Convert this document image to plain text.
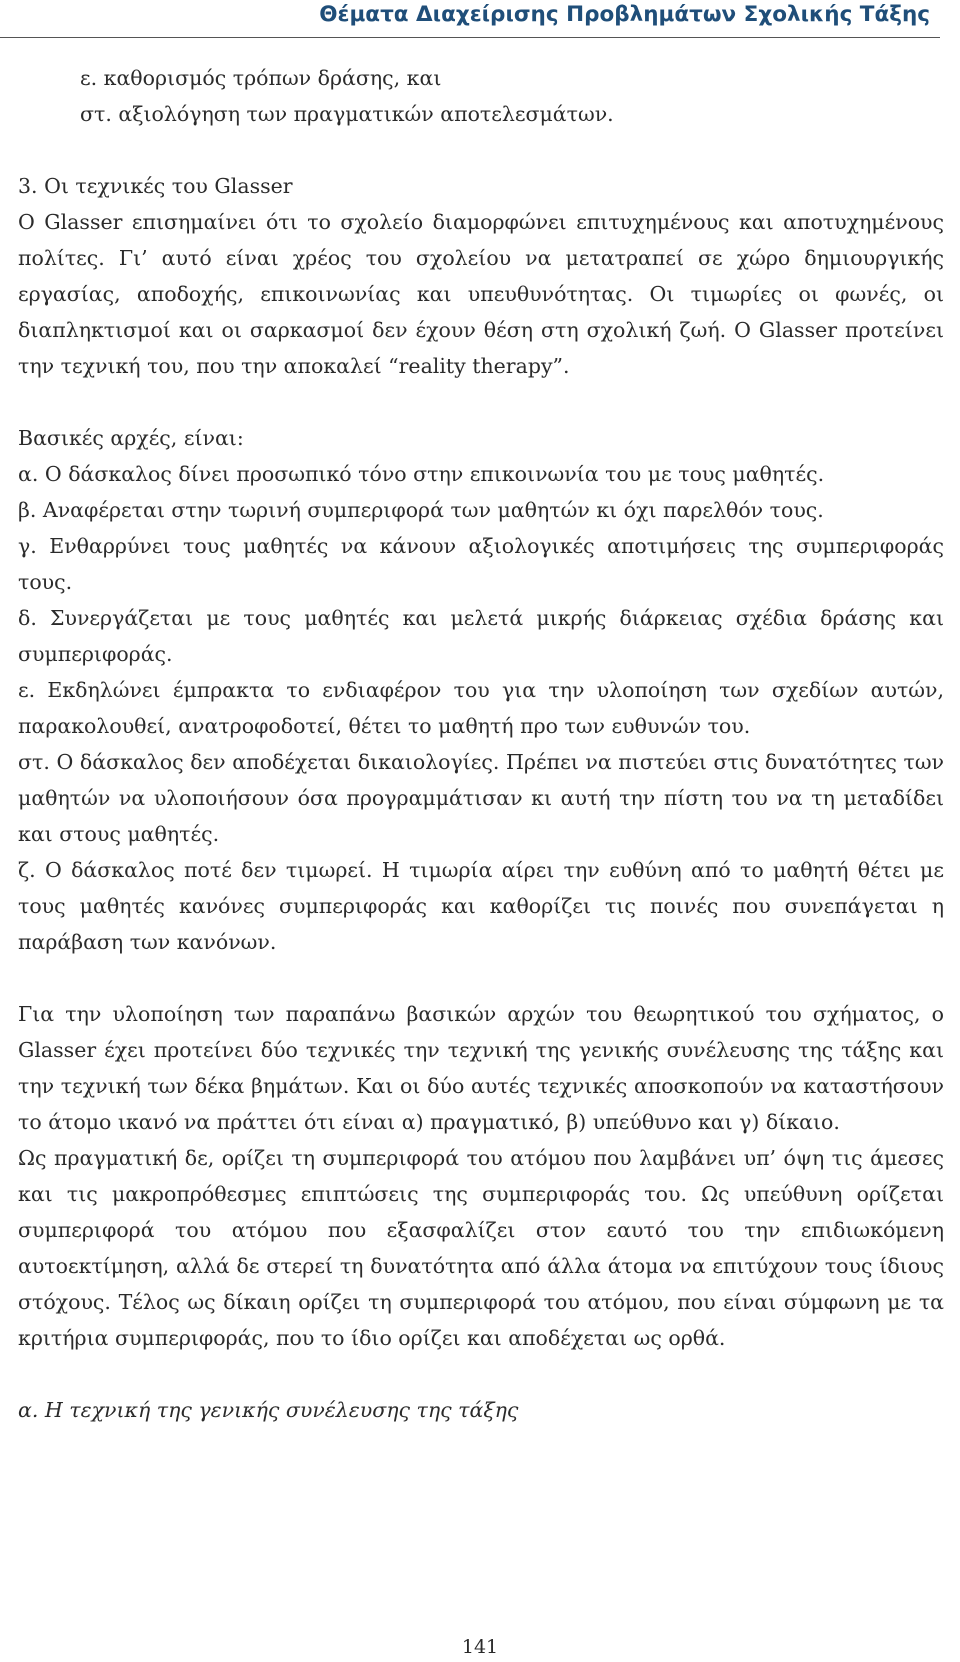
Θέματα Διαχείρισης Προβλημάτων Σχολικής Τάξης

ε. καθορισμός τρόπων δράσης, και

στ. αξιολόγηση των πραγματικών αποτελεσμάτων.

3. Οι τεχνικές του Glasser

Ο Glasser επισημαίνει ότι το σχολείο διαμορφώνει επιτυχημένους και αποτυχημένους πολίτες. Γι’ αυτό είναι χρέος του σχολείου να μετατραπεί σε χώρο δημιουργικής εργασίας, αποδοχής, επικοινωνίας και υπευθυνότητας. Οι τιμωρίες οι φωνές, οι διαπληκτισμοί και οι σαρκασμοί δεν έχουν θέση στη σχολική ζωή. Ο Glasser προτείνει την τεχνική του, που την αποκαλεί “reality therapy”.

Βασικές αρχές, είναι:

α. Ο δάσκαλος δίνει προσωπικό τόνο στην επικοινωνία του με τους μαθητές.

β. Αναφέρεται στην τωρινή συμπεριφορά των μαθητών κι όχι παρελθόν τους.

γ. Ενθαρρύνει τους μαθητές να κάνουν αξιολογικές αποτιμήσεις της συμπεριφοράς τους.

δ. Συνεργάζεται με τους μαθητές και μελετά μικρής διάρκειας σχέδια δράσης και συμπεριφοράς.

ε. Εκδηλώνει έμπρακτα το ενδιαφέρον του για την υλοποίηση των σχεδίων αυτών, παρακολουθεί, ανατροφοδοτεί, θέτει το μαθητή προ των ευθυνών του.

στ. Ο δάσκαλος δεν αποδέχεται δικαιολογίες. Πρέπει να πιστεύει στις δυνατότητες των μαθητών να υλοποιήσουν όσα προγραμμάτισαν κι αυτή την πίστη του να τη μεταδίδει και στους μαθητές.

ζ. Ο δάσκαλος ποτέ δεν τιμωρεί. Η τιμωρία αίρει την ευθύνη από το μαθητή θέτει με τους μαθητές κανόνες συμπεριφοράς και καθορίζει τις ποινές που συνεπάγεται η παράβαση των κανόνων.

Για την υλοποίηση των παραπάνω βασικών αρχών του θεωρητικού του σχήματος, ο Glasser έχει προτείνει δύο τεχνικές την τεχνική της γενικής συνέλευσης της τάξης και την τεχνική των δέκα βημάτων. Και οι δύο αυτές τεχνικές αποσκοπούν να καταστήσουν το άτομο ικανό να πράττει ότι είναι α) πραγματικό, β) υπεύθυνο και γ) δίκαιο.

Ως πραγματική δε, ορίζει τη συμπεριφορά του ατόμου που λαμβάνει υπ’ όψη τις άμεσες και τις μακροπρόθεσμες επιπτώσεις της συμπεριφοράς του. Ως υπεύθυνη ορίζεται συμπεριφορά του ατόμου που εξασφαλίζει στον εαυτό του την επιδιωκόμενη αυτοεκτίμηση, αλλά δε στερεί τη δυνατότητα από άλλα άτομα να επιτύχουν τους ίδιους στόχους. Τέλος ως δίκαιη ορίζει τη συμπεριφορά του ατόμου, που είναι σύμφωνη με τα κριτήρια συμπεριφοράς, που το ίδιο ορίζει και αποδέχεται ως ορθά.

α. Η τεχνική της γενικής συνέλευσης της τάξης

141
